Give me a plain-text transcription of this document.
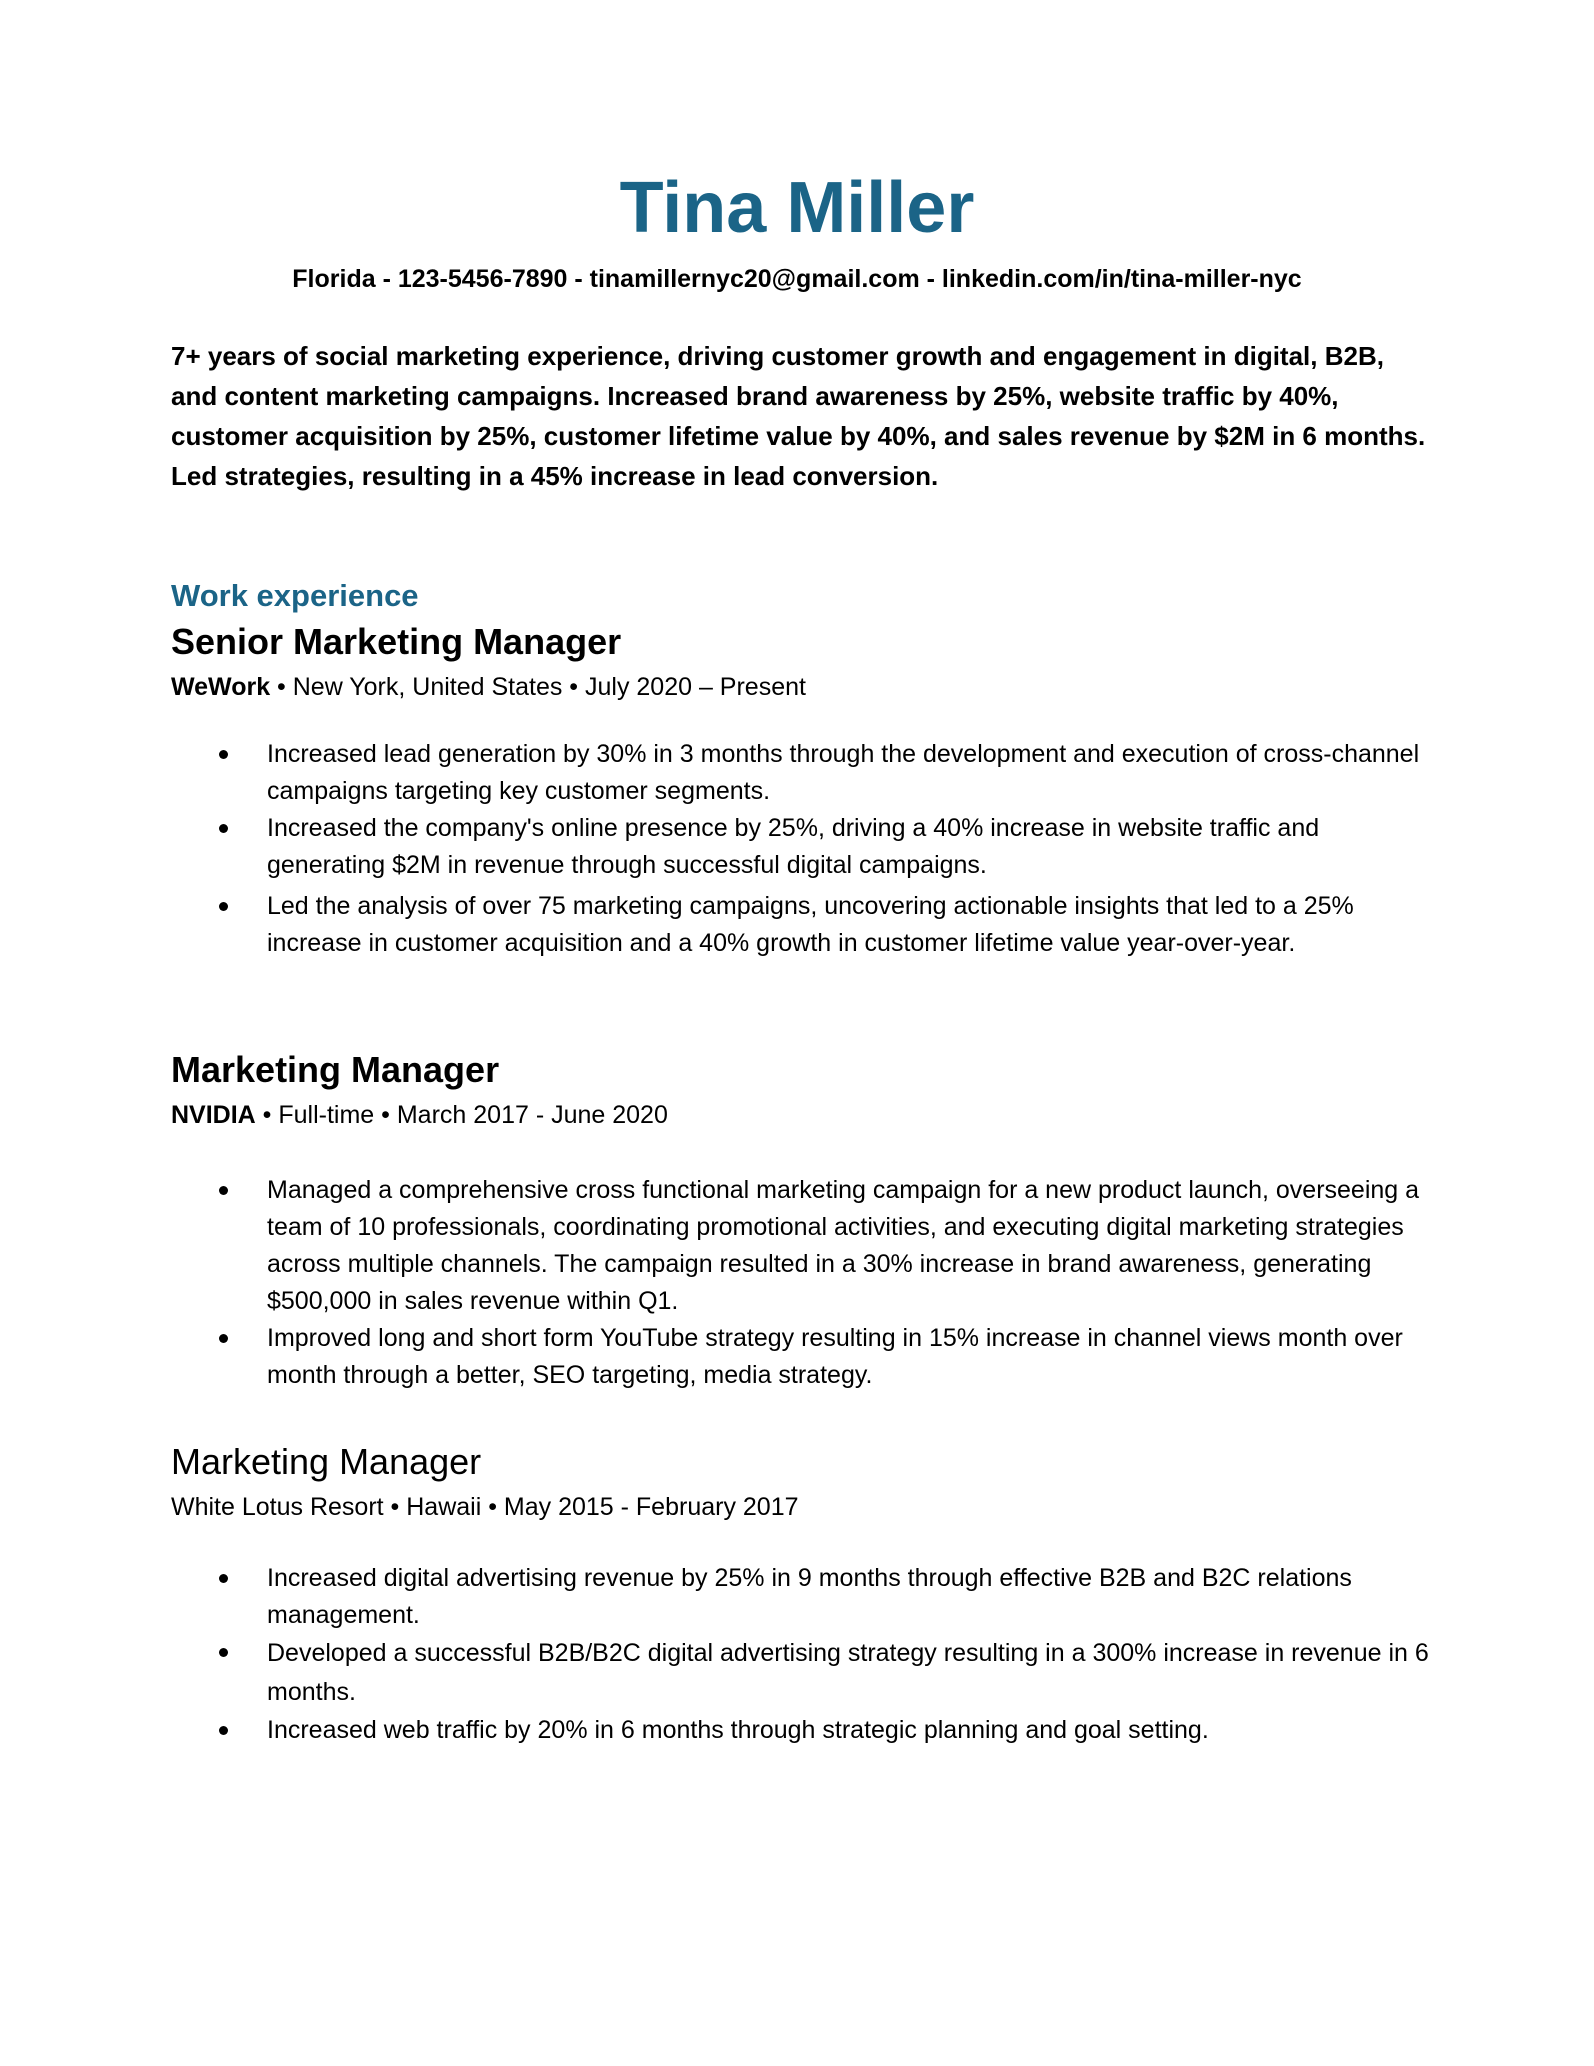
Tina Miller
Florida - 123-5456-7890 - tinamillernyc20@gmail.com - linkedin.com/in/tina-miller-nyc

7+ years of social marketing experience, driving customer growth and engagement in digital, B2B, and content marketing campaigns. Increased brand awareness by 25%, website traffic by 40%, customer acquisition by 25%, customer lifetime value by 40%, and sales revenue by $2M in 6 months. Led strategies, resulting in a 45% increase in lead conversion.

Work experience
Senior Marketing Manager
WeWork • New York, United States • July 2020 – Present
Increased lead generation by 30% in 3 months through the development and execution of cross-channel campaigns targeting key customer segments.
Increased the company's online presence by 25%, driving a 40% increase in website traffic and generating $2M in revenue through successful digital campaigns.
Led the analysis of over 75 marketing campaigns, uncovering actionable insights that led to a 25% increase in customer acquisition and a 40% growth in customer lifetime value year-over-year.
Marketing Manager
NVIDIA • Full-time • March 2017 - June 2020
Managed a comprehensive cross functional marketing campaign for a new product launch, overseeing a team of 10 professionals, coordinating promotional activities, and executing digital marketing strategies across multiple channels. The campaign resulted in a 30% increase in brand awareness, generating $500,000 in sales revenue within Q1.
Improved long and short form YouTube strategy resulting in 15% increase in channel views month over month through a better, SEO targeting, media strategy.
Marketing Manager
White Lotus Resort • Hawaii • May 2015 - February 2017
Increased digital advertising revenue by 25% in 9 months through effective B2B and B2C relations management.
Developed a successful B2B/B2C digital advertising strategy resulting in a 300% increase in revenue in 6 months.
Increased web traffic by 20% in 6 months through strategic planning and goal setting.
